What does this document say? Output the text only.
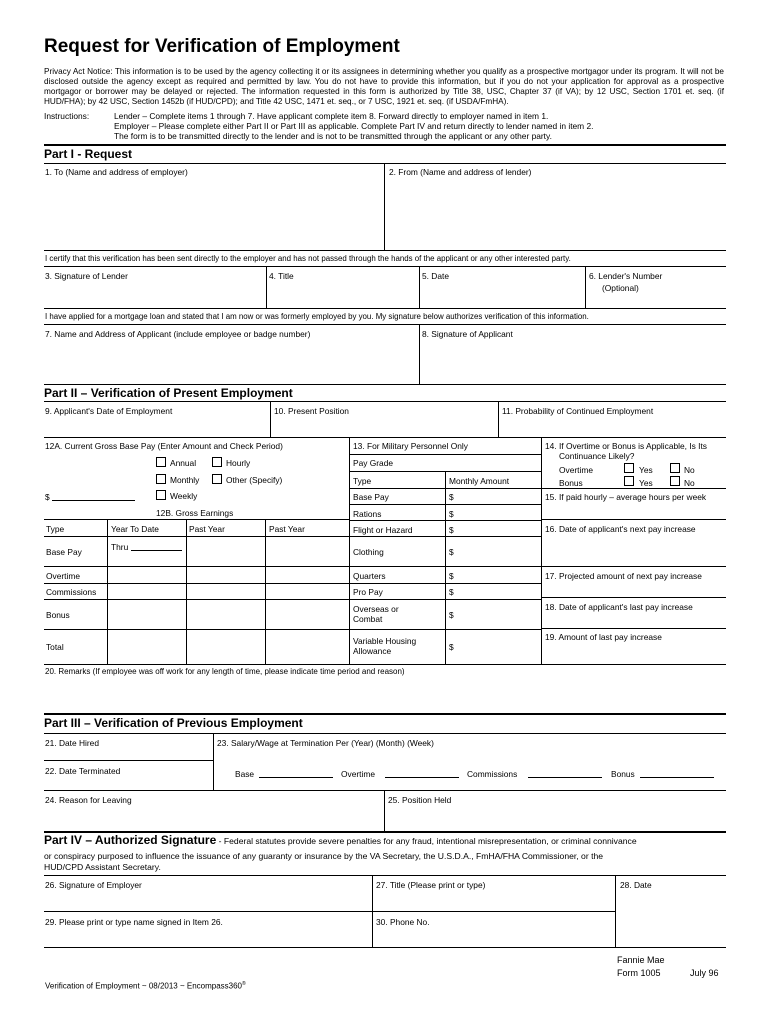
Request for Verification of Employment
Privacy Act Notice: This information is to be used by the agency collecting it or its assignees in determining whether you qualify as a prospective mortgagor under its program. It will not be disclosed outside the agency except as required and permitted by law. You do not have to provide this information, but if you do not your application for approval as a prospective mortgagor or borrower may be delayed or rejected. The information requested in this form is authorized by Title 38, USC, Chapter 37 (if VA); by 12 USC, Section 1701 et. seq. (if HUD/FHA); by 42 USC, Section 1452b (if HUD/CPD); and Title 42 USC, 1471 et. seq., or 7 USC, 1921 et. seq. (if USDA/FmHA).
Instructions:	Lender – Complete items 1 through 7. Have applicant complete item 8. Forward directly to employer named in item 1.
Employer – Please complete either Part II or Part III as applicable. Complete Part IV and return directly to lender named in item 2.
The form is to be transmitted directly to the lender and is not to be transmitted through the applicant or any other party.
Part I - Request
1. To (Name and address of employer)	2. From (Name and address of lender)
I certify that this verification has been sent directly to the employer and has not passed through the hands of the applicant or any other interested party.
3. Signature of Lender	4. Title	5. Date	6. Lender's Number
(Optional)
I have applied for a mortgage loan and stated that I am now or was formerly employed by you. My signature below authorizes verification of this information.
7. Name and Address of Applicant (include employee or badge number)	8. Signature of Applicant
Part II – Verification of Present Employment
9. Applicant's Date of Employment	10. Present Position	11. Probability of Continued Employment
12A. Current Gross Base Pay (Enter Amount and Check Period)
Annual	Hourly
Monthly	Other (Specify)
$	Weekly
12B. Gross Earnings
Type	Year To Date	Past Year	Past Year
Base Pay	Thru
Overtime
Commissions
Bonus
Total
13. For Military Personnel Only
Pay Grade
Type	Monthly Amount
Base Pay	$
Rations	$
Flight or Hazard	$
Clothing	$
Quarters	$
Pro Pay	$
Overseas or
Combat	$
Variable Housing
Allowance	$
14. If Overtime or Bonus is Applicable, Is Its
Continuance Likely?
Overtime	Yes	No
Bonus	Yes	No
15. If paid hourly – average hours per week
16. Date of applicant's next pay increase
17. Projected amount of next pay increase
18. Date of applicant's last pay increase
19. Amount of last pay increase
20. Remarks (If employee was off work for any length of time, please indicate time period and reason)
Part III – Verification of Previous Employment
21. Date Hired	23. Salary/Wage at Termination Per (Year) (Month) (Week)
22. Date Terminated	Base	Overtime	Commissions	Bonus
24. Reason for Leaving	25. Position Held
Part IV – Authorized Signature - Federal statutes provide severe penalties for any fraud, intentional misrepresentation, or criminal connivance
or conspiracy purposed to influence the issuance of any guaranty or insurance by the VA Secretary, the U.S.D.A., FmHA/FHA Commissioner, or the
HUD/CPD Assistant Secretary.
26. Signature of Employer	27. Title (Please print or type)	28. Date
29. Please print or type name signed in Item 26.	30. Phone No.
Fannie Mae
Form 1005	July 96
Verification of Employment ~ 08/2013 ~ Encompass360®
